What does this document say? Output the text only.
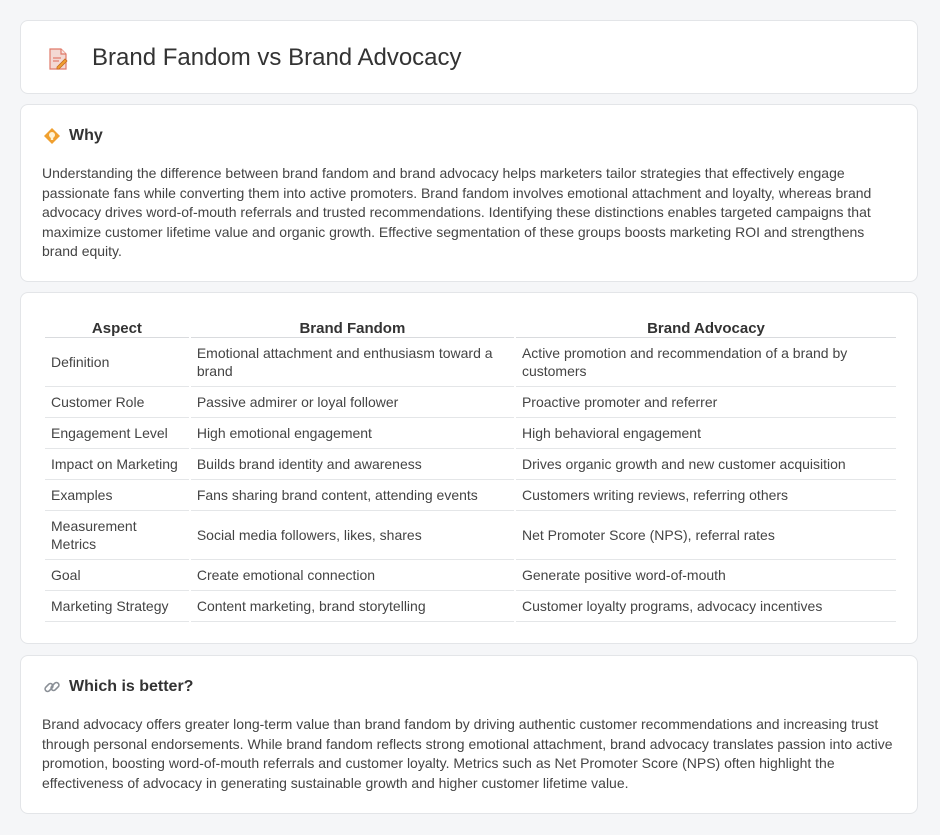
Brand Fandom vs Brand Advocacy
Why

Understanding the difference between brand fandom and brand advocacy helps marketers tailor strategies that effectively engage passionate fans while converting them into active promoters. Brand fandom involves emotional attachment and loyalty, whereas brand advocacy drives word-of-mouth referrals and trusted recommendations. Identifying these distinctions enables targeted campaigns that maximize customer lifetime value and organic growth. Effective segmentation of these groups boosts marketing ROI and strengthens brand equity.

Aspect	Brand Fandom	Brand Advocacy
Definition	Emotional attachment and enthusiasm toward a brand	Active promotion and recommendation of a brand by customers
Customer Role	Passive admirer or loyal follower	Proactive promoter and referrer
Engagement Level	High emotional engagement	High behavioral engagement
Impact on Marketing	Builds brand identity and awareness	Drives organic growth and new customer acquisition
Examples	Fans sharing brand content, attending events	Customers writing reviews, referring others
Measurement Metrics	Social media followers, likes, shares	Net Promoter Score (NPS), referral rates
Goal	Create emotional connection	Generate positive word-of-mouth
Marketing Strategy	Content marketing, brand storytelling	Customer loyalty programs, advocacy incentives
Which is better?

Brand advocacy offers greater long-term value than brand fandom by driving authentic customer recommendations and increasing trust through personal endorsements. While brand fandom reflects strong emotional attachment, brand advocacy translates passion into active promotion, boosting word-of-mouth referrals and customer loyalty. Metrics such as Net Promoter Score (NPS) often highlight the effectiveness of advocacy in generating sustainable growth and higher customer lifetime value.
